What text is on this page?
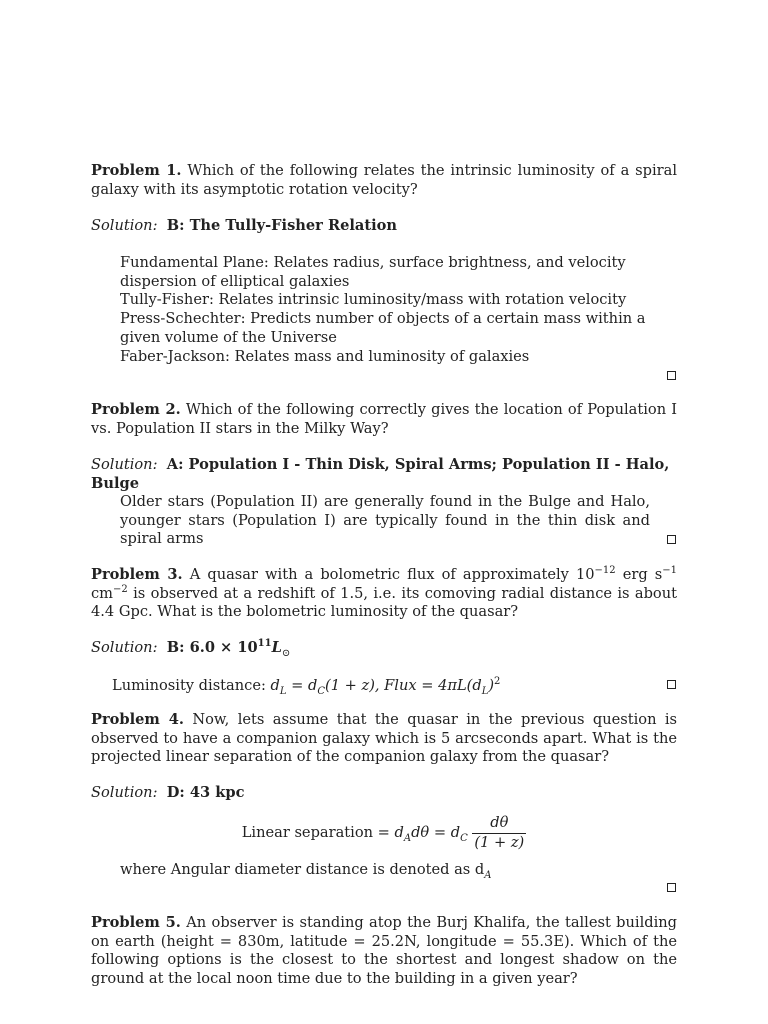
Problem 1. Which of the following relates the intrinsic luminosity of a spiral galaxy with its asymptotic rotation velocity?
Solution: B: The Tully-Fisher Relation
Fundamental Plane: Relates radius, surface brightness, and velocity dispersion of elliptical galaxies
Tully-Fisher: Relates intrinsic luminosity/mass with rotation velocity
Press-Schechter: Predicts number of objects of a certain mass within a given volume of the Universe
Faber-Jackson: Relates mass and luminosity of galaxies
Problem 2. Which of the following correctly gives the location of Population I vs. Population II stars in the Milky Way?
Solution: A: Population I - Thin Disk, Spiral Arms; Population II - Halo, Bulge
Older stars (Population II) are generally found in the Bulge and Halo, younger stars (Population I) are typically found in the thin disk and spiral arms
Problem 3. A quasar with a bolometric flux of approximately $10^{-12}$ erg $s^{-1}$ $cm^{-2}$ is observed at a redshift of 1.5, i.e. its comoving radial distance is about 4.4 Gpc. What is the bolometric luminosity of the quasar?
Solution: B: $6.0 \times 10^{11}L_⊙$
Luminosity distance: $d_L = d_C(1 + z)$, Flux = $4\pi L(d_L)^2$
Problem 4. Now, lets assume that the quasar in the previous question is observed to have a companion galaxy which is 5 arcseconds apart. What is the projected linear separation of the companion galaxy from the quasar?
Solution: D: 43 kpc
Linear separation = $d_Ad\theta = d_C \frac{d\theta}{(1 + z)}$
where Angular diameter distance is denoted as $d_A$
Problem 5. An observer is standing atop the Burj Khalifa, the tallest building on earth (height = 830m, latitude = 25.2N, longitude = 55.3E). Which of the following options is the closest to the shortest and longest shadow on the ground at the local noon time due to the building in a given year?
